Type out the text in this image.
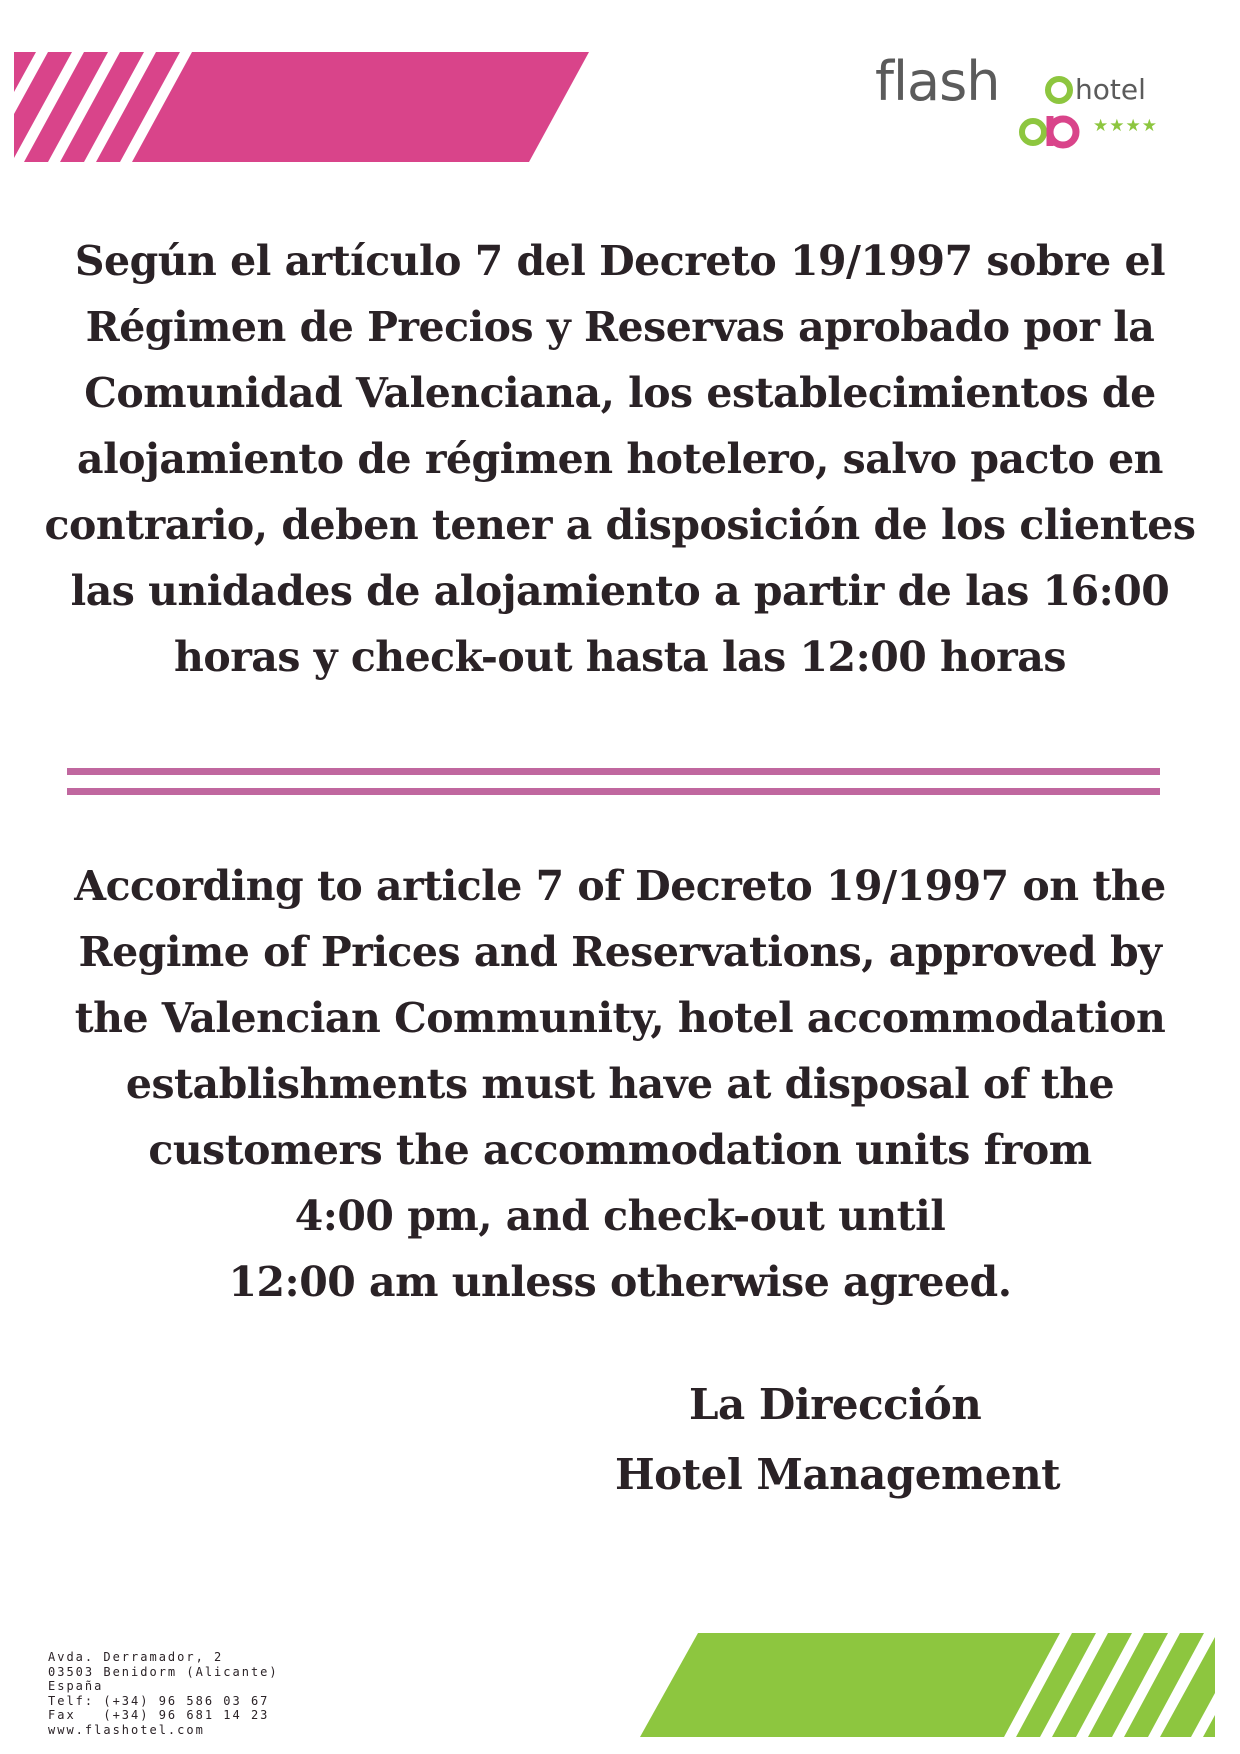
flash	hotel
★★★★

Según el artículo 7 del Decreto 19/1997 sobre el
Régimen de Precios y Reservas aprobado por la
Comunidad Valenciana, los establecimientos de
alojamiento de régimen hotelero, salvo pacto en
contrario, deben tener a disposición de los clientes
las unidades de alojamiento a partir de las 16:00
horas y check-out hasta las 12:00 horas

According to article 7 of Decreto 19/1997 on the
Regime of Prices and Reservations, approved by
the Valencian Community, hotel accommodation
establishments must have at disposal of the
customers the accommodation units from
4:00 pm, and check-out until
12:00 am unless otherwise agreed.

La Dirección
Hotel Management
Avda. Derramador, 2
03503 Benidorm (Alicante)
España
Telf: (+34) 96 586 03 67
Fax   (+34) 96 681 14 23
www.flashotel.com
